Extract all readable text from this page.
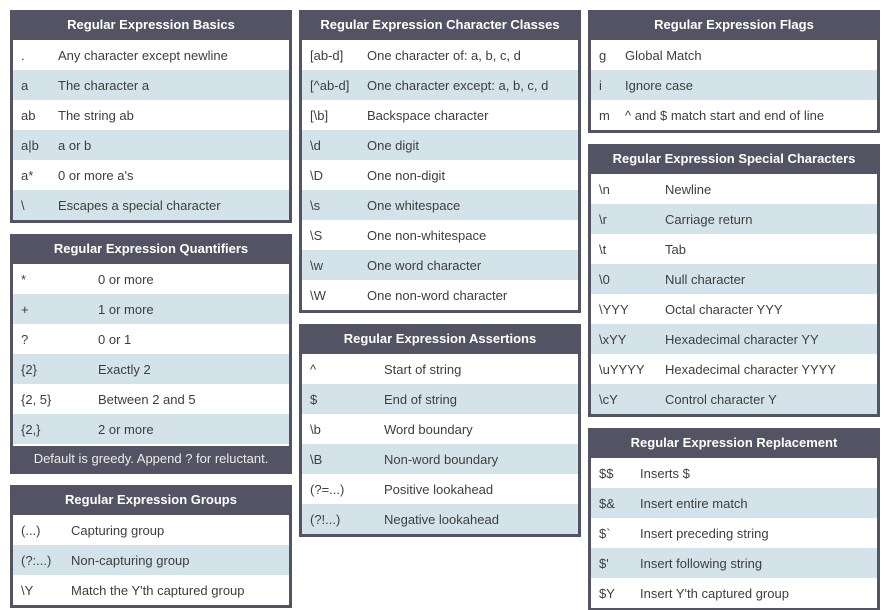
Regular Expression Basics
.	Any character except newline
a	The character a
ab	The string ab
a|b	a or b
a*	0 or more a's
\	Escapes a special character
Regular Expression Quantifiers
*	0 or more
+	1 or more
?	0 or 1
{2}	Exactly 2
{2, 5}	Between 2 and 5
{2,}	2 or more
Default is greedy. Append ? for reluctant.
Regular Expression Groups
(...)	Capturing group
(?:...)	Non-capturing group
\Y	Match the Y'th captured group
Regular Expression Character Classes
[ab-d]	One character of: a, b, c, d
[^ab-d]	One character except: a, b, c, d
[\b]	Backspace character
\d	One digit
\D	One non-digit
\s	One whitespace
\S	One non-whitespace
\w	One word character
\W	One non-word character
Regular Expression Assertions
^	Start of string
$	End of string
\b	Word boundary
\B	Non-word boundary
(?=...)	Positive lookahead
(?!...)	Negative lookahead
Regular Expression Flags
g	Global Match
i	Ignore case
m	^ and $ match start and end of line
Regular Expression Special Characters
\n	Newline
\r	Carriage return
\t	Tab
\0	Null character
\YYY	Octal character YYY
\xYY	Hexadecimal character YY
\uYYYY	Hexadecimal character YYYY
\cY	Control character Y
Regular Expression Replacement
$$	Inserts $
$&	Insert entire match
$`	Insert preceding string
$'	Insert following string
$Y	Insert Y'th captured group
